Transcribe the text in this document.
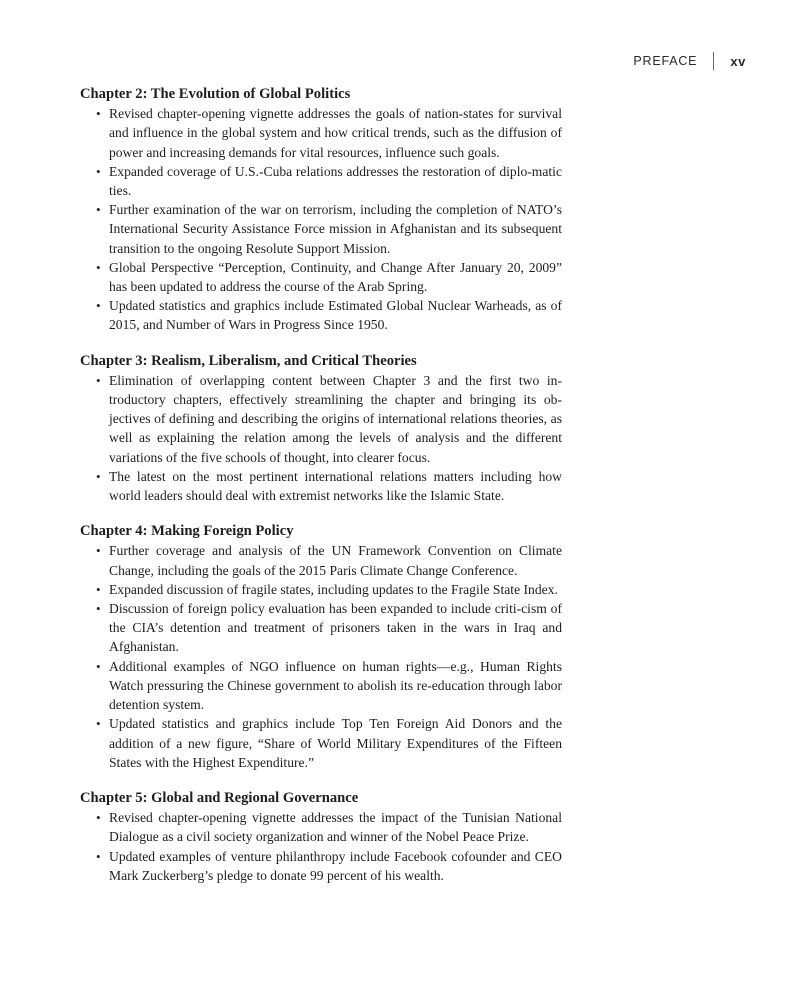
PREFACE	xv
Chapter 2: The Evolution of Global Politics
• Revised chapter-opening vignette addresses the goals of nation-states for survival and influence in the global system and how critical trends, such as the diffusion of power and increasing demands for vital resources, influence such goals.
• Expanded coverage of U.S.-Cuba relations addresses the restoration of diplo-matic ties.
• Further examination of the war on terrorism, including the completion of NATO’s International Security Assistance Force mission in Afghanistan and its subsequent transition to the ongoing Resolute Support Mission.
• Global Perspective “Perception, Continuity, and Change After January 20, 2009” has been updated to address the course of the Arab Spring.
• Updated statistics and graphics include Estimated Global Nuclear Warheads, as of 2015, and Number of Wars in Progress Since 1950.
Chapter 3: Realism, Liberalism, and Critical Theories
• Elimination of overlapping content between Chapter 3 and the first two in-troductory chapters, effectively streamlining the chapter and bringing its ob-jectives of defining and describing the origins of international relations theories, as well as explaining the relation among the levels of analysis and the different variations of the five schools of thought, into clearer focus.
• The latest on the most pertinent international relations matters including how world leaders should deal with extremist networks like the Islamic State.
Chapter 4: Making Foreign Policy
• Further coverage and analysis of the UN Framework Convention on Climate Change, including the goals of the 2015 Paris Climate Change Conference.
• Expanded discussion of fragile states, including updates to the Fragile State Index.
• Discussion of foreign policy evaluation has been expanded to include criti-cism of the CIA’s detention and treatment of prisoners taken in the wars in Iraq and Afghanistan.
• Additional examples of NGO influence on human rights—e.g., Human Rights Watch pressuring the Chinese government to abolish its re-education through labor detention system.
• Updated statistics and graphics include Top Ten Foreign Aid Donors and the addition of a new figure, “Share of World Military Expenditures of the Fifteen States with the Highest Expenditure.”
Chapter 5: Global and Regional Governance
• Revised chapter-opening vignette addresses the impact of the Tunisian National Dialogue as a civil society organization and winner of the Nobel Peace Prize.
• Updated examples of venture philanthropy include Facebook cofounder and CEO Mark Zuckerberg’s pledge to donate 99 percent of his wealth.
